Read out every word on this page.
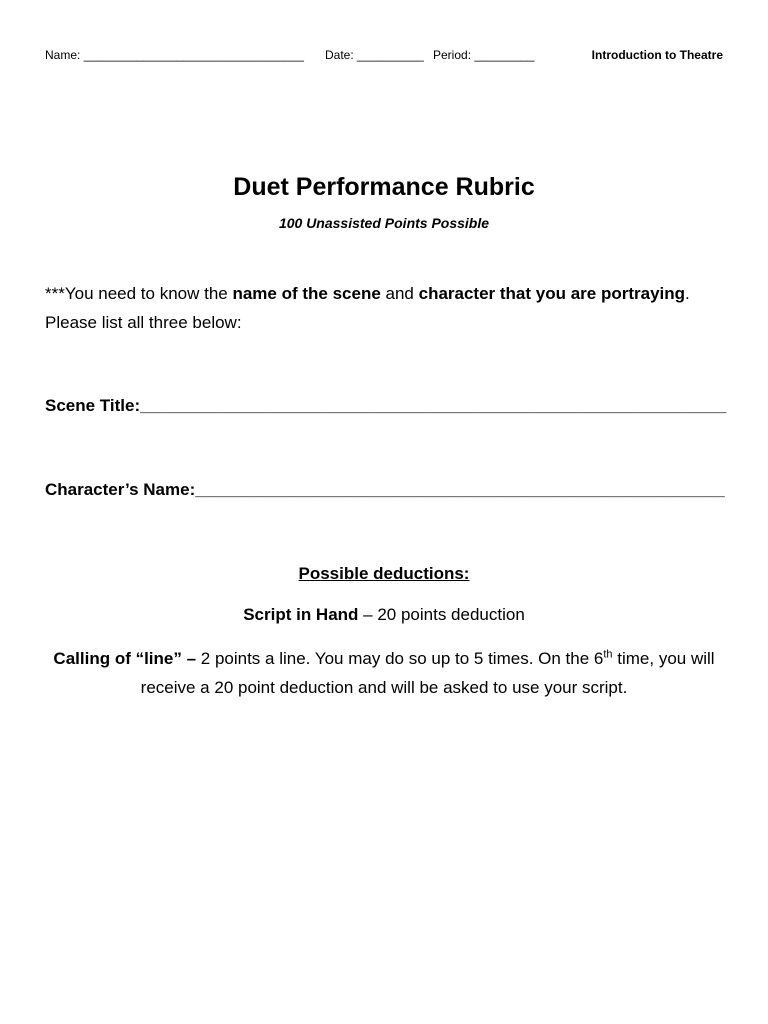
Name: _________________________________ Date: __________ Period: _________	Introduction to Theatre
Duet Performance Rubric
100 Unassisted Points Possible
***You need to know the name of the scene and character that you are portraying. Please list all three below:
Scene Title:______________________________________________________________
Character’s Name:________________________________________________________
Possible deductions:
Script in Hand – 20 points deduction
Calling of “line” – 2 points a line. You may do so up to 5 times. On the 6th time, you will receive a 20 point deduction and will be asked to use your script.
